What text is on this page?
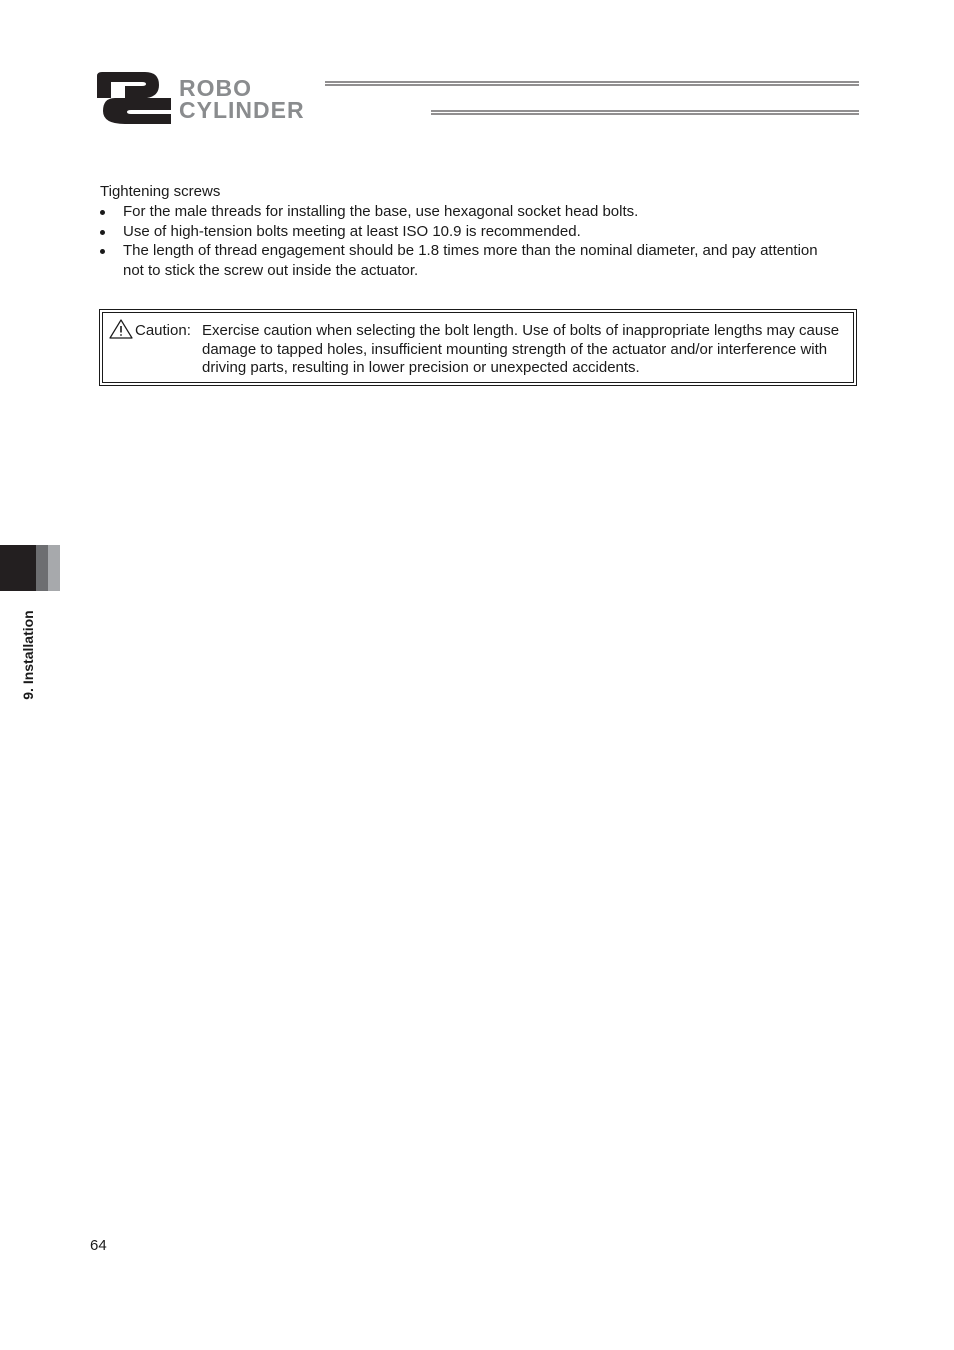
ROBO
CYLINDER
Tightening screws
For the male threads for installing the base, use hexagonal socket head bolts.
Use of high-tension bolts meeting at least ISO 10.9 is recommended.
The length of thread engagement should be 1.8 times more than the nominal diameter, and pay attention not to stick the screw out inside the actuator.
Caution: Exercise caution when selecting the bolt length. Use of bolts of inappropriate lengths may cause damage to tapped holes, insufficient mounting strength of the actuator and/or interference with driving parts, resulting in lower precision or unexpected accidents.
9. Installation
64
